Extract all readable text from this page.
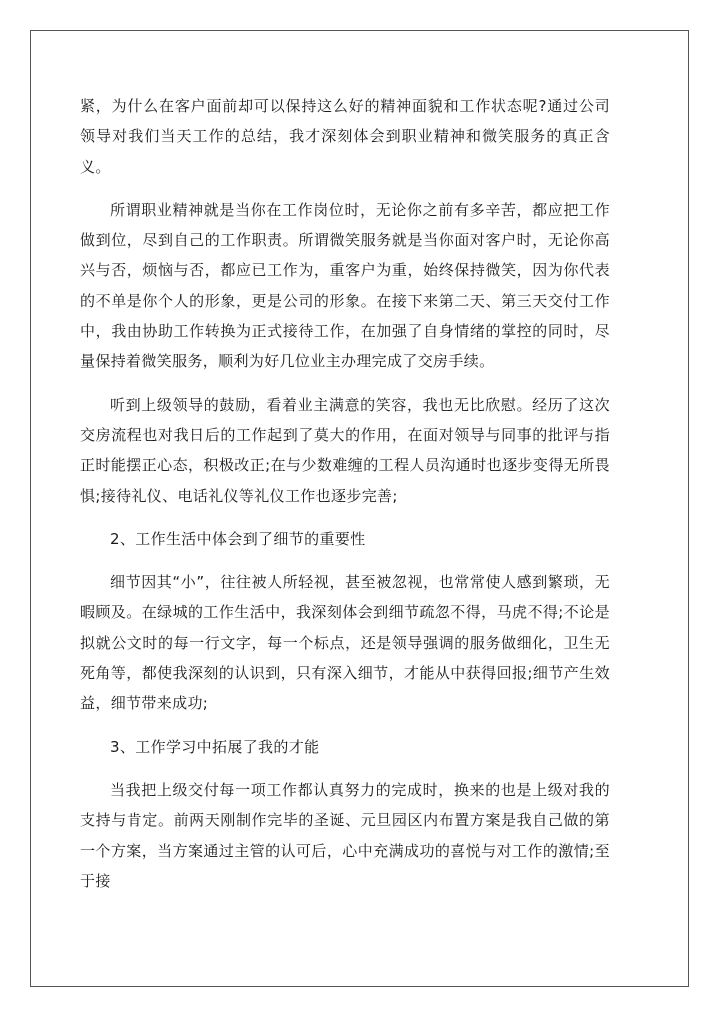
紧，为什么在客户面前却可以保持这么好的精神面貌和工作状态呢?通过公司领导对我们当天工作的总结，我才深刻体会到职业精神和微笑服务的真正含义。

所谓职业精神就是当你在工作岗位时，无论你之前有多辛苦，都应把工作做到位，尽到自己的工作职责。所谓微笑服务就是当你面对客户时，无论你高兴与否，烦恼与否，都应已工作为，重客户为重，始终保持微笑，因为你代表的不单是你个人的形象，更是公司的形象。在接下来第二天、第三天交付工作中，我由协助工作转换为正式接待工作，在加强了自身情绪的掌控的同时，尽量保持着微笑服务，顺利为好几位业主办理完成了交房手续。

听到上级领导的鼓励，看着业主满意的笑容，我也无比欣慰。经历了这次交房流程也对我日后的工作起到了莫大的作用，在面对领导与同事的批评与指正时能摆正心态，积极改正;在与少数难缠的工程人员沟通时也逐步变得无所畏惧;接待礼仪、电话礼仪等礼仪工作也逐步完善;

2、工作生活中体会到了细节的重要性

细节因其“小”，往往被人所轻视，甚至被忽视，也常常使人感到繁琐，无暇顾及。在绿城的工作生活中，我深刻体会到细节疏忽不得，马虎不得;不论是拟就公文时的每一行文字，每一个标点，还是领导强调的服务做细化，卫生无死角等，都使我深刻的认识到，只有深入细节，才能从中获得回报;细节产生效益，细节带来成功;

3、工作学习中拓展了我的才能

当我把上级交付每一项工作都认真努力的完成时，换来的也是上级对我的支持与肯定。前两天刚制作完毕的圣诞、元旦园区内布置方案是我自己做的第一个方案，当方案通过主管的认可后，心中充满成功的喜悦与对工作的激情;至于接
